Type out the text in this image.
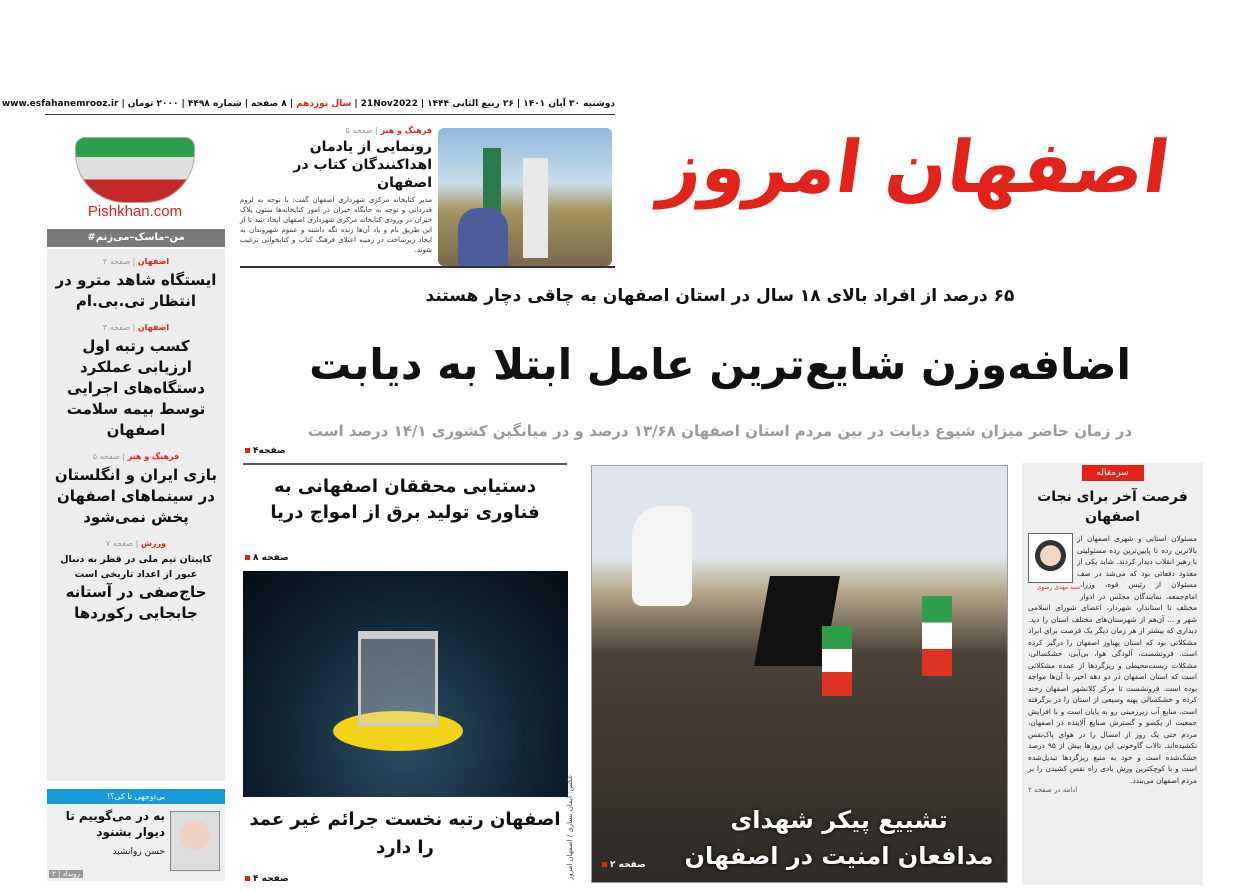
اصفهان امروز
دوشنبه ۳۰ آبان ۱۴۰۱
|
۲۶ ربیع الثانی ۱۴۴۴
|
21Nov2022
|
سال نوزدهم
|
۸ صفحه
|
شماره ۴۴۹۸
|
۲۰۰۰ تومان
|
www.esfahanemrooz.ir
فرهنگ و هنر | صفحه ۵
رونمایی از یادمان اهداکنندگان کتاب در اصفهان
مدیر کتابخانه مرکزی شهرداری اصفهان گفت: با توجه به لزوم قدردانی و توجه به جایگاه خیران در امور کتابخانه‌ها ستون پلاک خیران در ورودی کتابخانه مرکزی شهرداری اصفهان ایجاد شد تا از این طریق نام و یاد آن‌ها زنده نگه داشته و عموم شهروندان به ایجاد زیرساخت در زمینه اعتلای فرهنگ کتاب و کتابخوانی ترغیب شوند.
Pishkhan.com
#من–ماسک–می‌زنم
اصفهان | صفحه ۳
ایستگاه شاهد مترو در انتظار تی.بی.ام
اصفهان | صفحه ۳
کسب رتبه اول ارزیابی عملکرد دستگاه‌های اجرایی توسط بیمه سلامت اصفهان
فرهنگ و هنر | صفحه ۵
بازی ایران و انگلستان در سینماهای اصفهان پخش نمی‌شود
ورزش | صفحه ۷
کاپیتان تیم ملی در قطر به دنبال عبور از اعداد تاریخی است
حاج‌صفی در آستانه جابجایی رکوردها
بی‌توجهی تا کی؟!
به در می‌گوییم تا دیوار بشنود
حسن روانشید
رویداد | ۲
۶۵ درصد از افراد بالای ۱۸ سال در استان اصفهان به چاقی دچار هستند
اضافه‌وزن شایع‌ترین عامل ابتلا به دیابت
در زمان حاضر میزان شیوع دیابت در بین مردم استان اصفهان ۱۳/۶۸ درصد و در میانگین کشوری ۱۴/۱ درصد است
صفحه۴
دستیابی محققان اصفهانی به فناوری تولید برق از امواج دریا
صفحه ۸
اصفهان رتبه نخست جرائم غیر عمد را دارد
صفحه ۴	عکس: ایمان نساری / اصفهان امروز	تشییع پیکر شهدای مدافعان امنیت در اصفهان
صفحه ۲
سرمقاله
فرصت آخر برای نجات اصفهان
سید مهدی رضوی
مسئولان استانی و شهری اصفهان از بالاترین رده تا پایین‌ترین رده مسئولیتی با رهبر انقلاب دیدار کردند. شاید یکی از معدود دفعاتی بود که می‌شد در صف مسئولان از رئیس قوه، وزرا، امام‌جمعه، نمایندگان مجلس در ادوار مختلف تا استاندار، شهردار، اعضای شورای اسلامی شهر و ... آن‌هم از شهرستان‌های مختلف استان را دید. دیداری که بیشتر از هر زمان دیگر یک فرصت برای ابراد مشکلاتی بود که استان پهناور اصفهان را درگیر کرده است. فرونشست، آلودگی هوا، بی‌آبی، خشکسالی، مشکلات زیست‌محیطی و ریزگردها از عمده مشکلاتی است که استان اصفهان در دو دهه اخیر با آن‌ها مواجه بوده است. فرونشست تا مرکز کلانشهر اصفهان رخنه کرده و خشکسالی پهنه وسیعی از استان را در برگرفته است. منابع آب زیرزمینی رو به پایان است و با افزایش جمعیت از یکسو و گسترش صنایع آلاینده در اصفهان، مردم حتی یک روز از امسال را در هوای پاک‌نفس نکشیده‌اند. تالاب گاوخونی این روزها بیش از ۹۵ درصد خشک‌شده است و خود به منبع ریزگردها تبدیل‌شده است و با کوچکترین وزش بادی راه نفس کشیدن را بر مردم اصفهان می‌بندد.
ادامه در صفحه ۲
